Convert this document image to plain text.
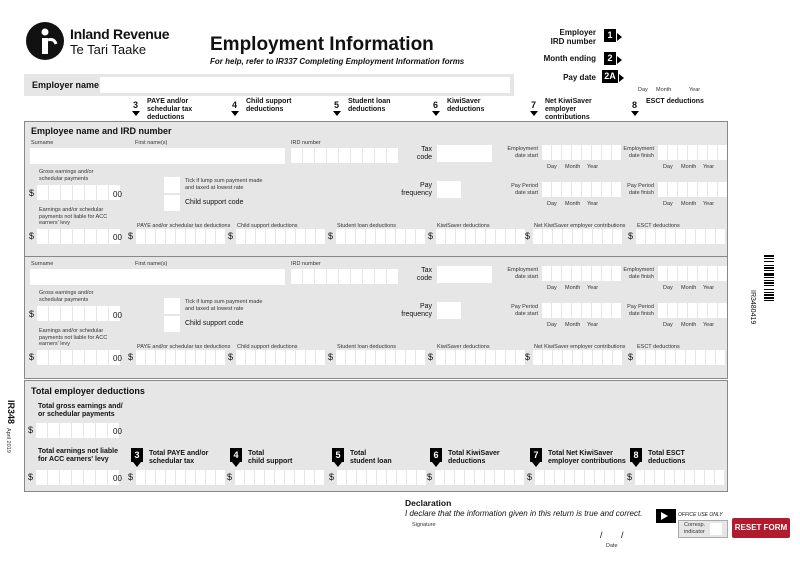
Inland Revenue
Te Tari Taake	Employment Information
For help, refer to IR337 Completing Employment Information forms
Employer
IRD number
1
Month ending	2
Pay date 2A
Day Month	Year
Employer name
3 PAYE and/or schedular tax deductions
4 Child support deductions	5 Student loan deductions	6 KiwiSaver deductions	7 Net KiwiSaver employer contributions
8 ESCT deductions
Employee name and IRD number
Surname	First name(s)	IRD number
Tax code
Employment
date start
Day Month Year
Employment
date finish
Day Month Year
Gross earnings and/or
schedular payments
$	00
Tick if lump sum payment made
and taxed at lowest rate
Child support code
Pay frequency
Pay Period
date start
Day Month Year
Pay Period
date finish
Day Month Year
Earnings and/or schedular
payments not liable for ACC
earners' levy
$	00
PAYE and/or schedular tax deductions
$
Child support deductions
$
Student loan deductions
$
KiwiSaver deductions
$
Net KiwiSaver employer contributions
$
ESCT deductions
$
Surname	First name(s)	IRD number
Tax code
Employment
date start
Day Month Year
Employment
date finish
Day Month Year
Gross earnings and/or
schedular payments
$	00
Tick if lump sum payment made
and taxed at lowest rate
Child support code
Pay frequency
Pay Period
date start
Day Month Year
Pay Period
date finish
Day Month Year
Earnings and/or schedular
payments not liable for ACC
earners' levy
$	00
PAYE and/or schedular tax deductions
$
Child support deductions
$
Student loan deductions
$
KiwiSaver deductions
$
Net KiwiSaver employer contributions
$
ESCT deductions
$
Total employer deductions
Total gross earnings and/
or schedular payments
$	00
Total earnings not liable
for ACC earners' levy
$	00
3	Total PAYE and/or
schedular tax
$
4	Total
child support
$
5	Total
student loan
$
6	Total KiwiSaver
deductions
$
7	Total Net KiwiSaver
employer contributions
$
8	Total ESCT
deductions
$
IR348
April 2019
IR3480419
Declaration
I declare that the information given in this return is true and correct.
Signature
/ /
Date
OFFICE USE ONLY
Corresp.
indicator	RESET FORM
